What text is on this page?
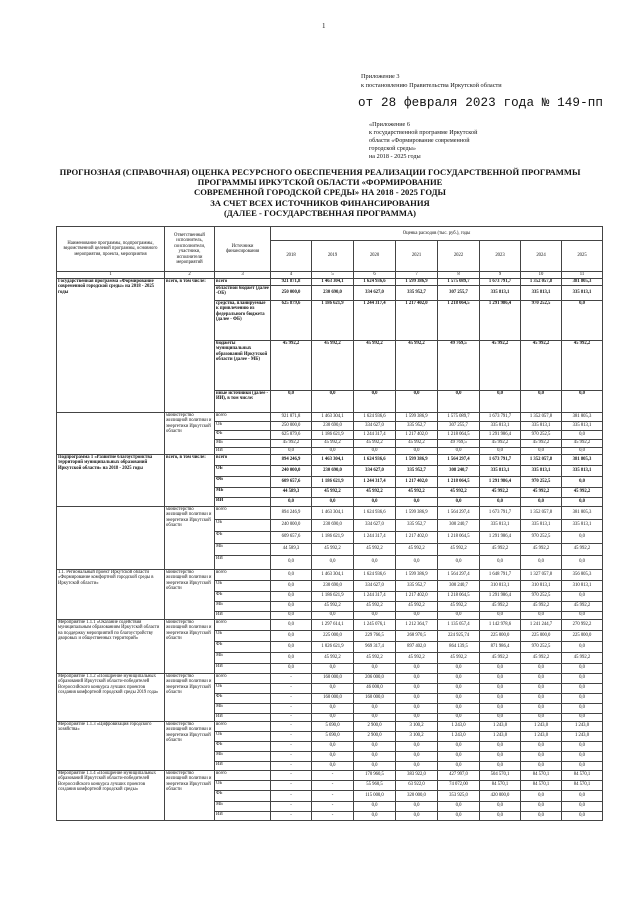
1
Приложение 3
к постановлению Правительства Иркутской области
от 28 февраля 2023 года № 149-пп
«Приложение 6
к государственной программе Иркутской
области «Формирование современной
городской среды»
на 2018 - 2025 годы
ПРОГНОЗНАЯ (СПРАВОЧНАЯ) ОЦЕНКА РЕСУРСНОГО ОБЕСПЕЧЕНИЯ РЕАЛИЗАЦИИ ГОСУДАРСТВЕННОЙ ПРОГРАММЫ
ПРОГРАММЫ ИРКУТСКОЙ ОБЛАСТИ «ФОРМИРОВАНИЕ
СОВРЕМЕННОЙ ГОРОДСКОЙ СРЕДЫ» НА 2018 - 2025 ГОДЫ
ЗА СЧЕТ ВСЕХ ИСТОЧНИКОВ ФИНАНСИРОВАНИЯ
(ДАЛЕЕ - ГОСУДАРСТВЕННАЯ ПРОГРАММА)
Наименование программы, подпрограммы, ведомственной целевой программы, основного мероприятия, проекта, мероприятия	Ответственный исполнитель, соисполнители, участники, исполнители мероприятий	Источники финансирования	Оценка расходов (тыс. руб.), годы							
			2018	2019	2020	2021	2022	2023	2024	2025
1	2	3	4	5	6	7	8	9	10	11
Государственная программа «Формирование современной городской среды» на 2018 - 2025 годы	всего, в том числе:	всего	921 871,8	1 463 304,1	1 624 936,6	1 599 386,9	1 575 089,7	1 673 791,7	1 352 057,8	381 805,3
		областной бюджет (далее -ОБ)	250 000,0	230 690,0	334 627,0	335 952,7	307 255,7	335 813,1	335 813,1	335 813,1
		средства, планируемые к привлечению из федерального бюджета (далее - ФБ)	625 879,6	1 186 621,9	1 244 317,4	1 217 402,0	1 218 064,5	1 291 986,4	970 252,5	0,0
		бюджеты муниципальных образований Иркутской области (далее - МБ)	45 992,2	45 992,2	45 992,2	45 992,2	49 769,5	45 992,2	45 992,2	45 992,2
		иные источники (далее - ИИ), в том числе:	0,0	0,0	0,0	0,0	0,0	0,0	0,0	0,0
	министерство жилищной политики и энергетики Иркутской области	всего	921 871,8	1 463 304,1	1 624 936,6	1 599 386,9	1 575 089,7	1 673 791,7	1 352 057,8	381 805,3
		ОБ	250 000,0	230 690,0	334 627,0	335 952,7	307 255,7	335 813,1	335 813,1	335 813,1
		ФБ	625 879,6	1 186 621,9	1 244 317,4	1 217 402,0	1 218 064,5	1 291 986,4	970 252,5	0,0
		МБ	45 992,2	45 992,2	45 992,2	45 992,2	49 769,5	45 992,2	45 992,2	45 992,2
		ИИ	0,0	0,0	0,0	0,0	0,0	0,0	0,0	0,0
Подпрограмма 1 «Развитие благоустройства территорий муниципальных образований Иркутской области» на 2018 - 2025 годы	всего, в том числе:	всего	894 246,9	1 463 304,1	1 624 936,6	1 599 386,9	1 564 297,4	1 673 791,7	1 352 057,8	381 805,3
		ОБ	240 000,0	230 690,0	334 627,0	335 952,7	308 240,7	335 813,1	335 813,1	335 813,1
		ФБ	609 657,6	1 186 621,9	1 244 317,4	1 217 402,0	1 218 064,5	1 291 986,4	970 252,5	0,0
		МБ	44 589,3	45 992,2	45 992,2	45 992,2	45 992,2	45 992,2	45 992,2	45 992,2
		ИИ	0,0	0,0	0,0	0,0	0,0	0,0	0,0	0,0
	министерство жилищной политики и энергетики Иркутской области	всего	894 246,9	1 463 304,1	1 624 936,6	1 599 386,9	1 564 297,4	1 673 791,7	1 352 057,8	381 805,3
		ОБ	240 000,0	230 690,0	334 627,0	335 952,7	300 240,7	335 813,1	335 813,1	335 813,1
		ФБ	609 657,6	1 186 621,9	1 244 317,4	1 217 402,0	1 218 064,5	1 291 986,4	970 252,5	0,0
		МБ	44 589,3	45 992,2	45 992,2	45 992,2	45 992,2	45 992,2	45 992,2	45 992,2
		ИИ	0,0	0,0	0,0	0,0	0,0	0,0	0,0	0,0
1.1. Региональный проект Иркутской области «Формирование комфортной городской среды в Иркутской области»	министерство жилищной политики и энергетики Иркутской области	всего	0,0	1 463 304,1	1 624 936,6	1 599 386,9	1 564 297,4	1 648 791,7	1 327 057,8	356 805,3
		ОБ	0,0	230 690,0	334 627,0	335 952,7	300 240,7	310 813,1	310 813,1	310 813,1
		ФБ	0,0	1 186 621,9	1 244 317,4	1 217 402,0	1 218 064,5	1 291 986,4	970 252,5	0,0
		МБ	0,0	45 992,2	45 992,2	45 992,2	45 992,2	45 992,2	45 992,2	45 992,2
		ИИ	0,0	0,0	0,0	0,0	0,0	0,0	0,0	0,0
Мероприятие 1.1.1 «Оказание содействия муниципальным образованиям Иркутской области на поддержку мероприятий по благоустройству дворовых и общественных территорий»	министерство жилищной политики и энергетики Иркутской области	всего	0,0	1 297 614,1	1 245 076,1	1 212 364,7	1 135 057,4	1 142 978,6	1 241 244,7	270 992,2
		ОБ	0,0	225 000,0	229 766,5	268 970,5	224 925,74	225 000,0	225 000,0	225 000,0
		ФБ	0,0	1 026 621,9	969 317,4	897 402,0	864 139,5	871 986,4	970 252,5	0,0
		МБ	0,0	45 992,2	45 992,2	45 992,2	45 992,2	45 992,2	45 992,2	45 992,2
		ИИ	0,0	0,0	0,0	0,0	0,0	0,0	0,0	0,0
Мероприятие 1.1.2 «Поощрение муниципальных образований Иркутской области-победителей Всероссийского конкурса лучших проектов создания комфортной городской среды 2019 года»	министерство жилищной политики и энергетики Иркутской области	всего	-	160 000,0	206 000,0	0,0	0,0	0,0	0,0	0,0
		ОБ	-	0,0	46 000,0	0,0	0,0	0,0	0,0	0,0
		ФБ	-	160 000,0	160 000,0	0,0	0,0	0,0	0,0	0,0
		МБ	-	0,0	0,0	0,0	0,0	0,0	0,0	0,0
		ИИ	-	0,0	0,0	0,0	0,0	0,0	0,0	0,0
Мероприятие 1.1.3 «Цифровизация городского хозяйства»	министерство жилищной политики и энергетики Иркутской области	всего	-	5 690,0	2 900,0	3 100,2	1 243,0	1 243,0	1 243,0	1 243,0
		ОБ	-	5 690,0	2 900,0	3 100,2	1 243,0	1 243,0	1 243,0	1 243,0
		ФБ	-	0,0	0,0	0,0	0,0	0,0	0,0	0,0
		МБ	-	0,0	0,0	0,0	0,0	0,0	0,0	0,0
		ИИ	-	0,0	0,0	0,0	0,0	0,0	0,0	0,0
Мероприятие 1.1.4 «Поощрение муниципальных образований Иркутской области-победителей Всероссийского конкурса лучших проектов создания комфортной городской среды»	министерство жилищной политики и энергетики Иркутской области	всего	-	-	170 960,5	383 922,0	427 997,0	504 570,1	84 570,1	84 570,1
		ОБ	-	-	55 960,5	63 922,0	74 072,00	84 570,1	84 570,1	84 570,1
		ФБ	-	-	115 000,0	320 000,0	353 925,0	420 000,0	0,0	0,0
		МБ	-	-	0,0	0,0	0,0	0,0	0,0	0,0
		ИИ	-	-	0,0	0,0	0,0	0,0	0,0	0,0
